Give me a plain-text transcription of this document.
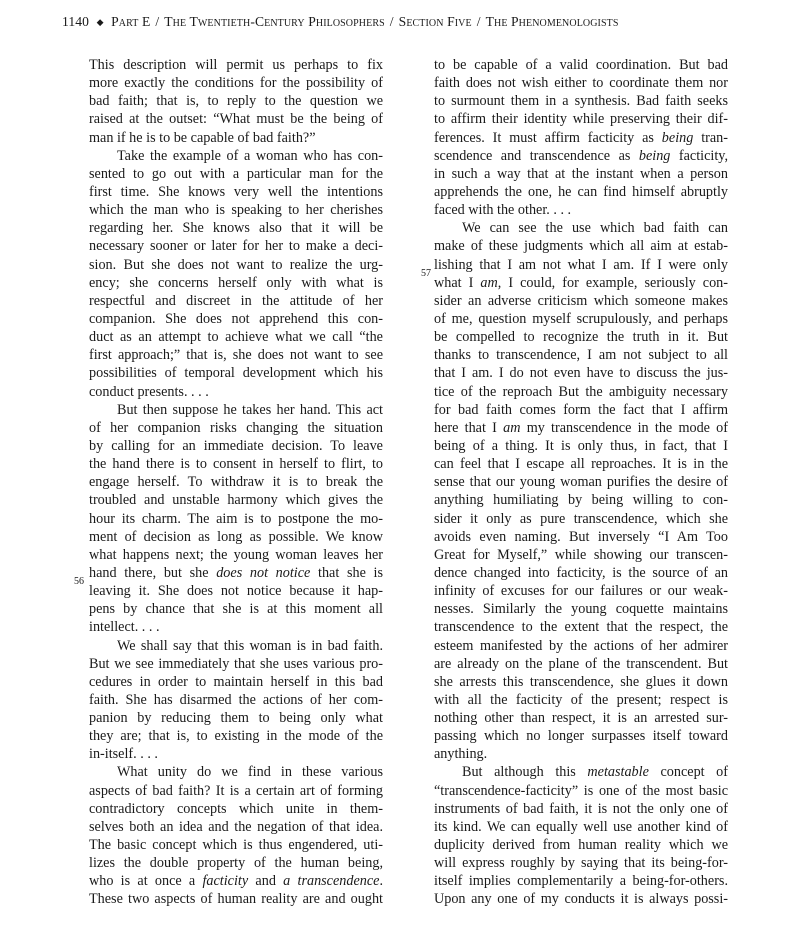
1140 ◆ Part E / The Twentieth-Century Philosophers / Section Five / The Phenomenologists
56
57
This description will permit us perhaps to fix
more exactly the conditions for the possibility of
bad faith; that is, to reply to the question we
raised at the outset: “What must be the being of
man if he is to be capable of bad faith?”
Take the example of a woman who has con-
sented to go out with a particular man for the
first time. She knows very well the intentions
which the man who is speaking to her cherishes
regarding her. She knows also that it will be
necessary sooner or later for her to make a deci-
sion. But she does not want to realize the urg-
ency; she concerns herself only with what is
respectful and discreet in the attitude of her
companion. She does not apprehend this con-
duct as an attempt to achieve what we call “the
first approach;” that is, she does not want to see
possibilities of temporal development which his
conduct presents. . . .
But then suppose he takes her hand. This act
of her companion risks changing the situation
by calling for an immediate decision. To leave
the hand there is to consent in herself to flirt, to
engage herself. To withdraw it is to break the
troubled and unstable harmony which gives the
hour its charm. The aim is to postpone the mo-
ment of decision as long as possible. We know
what happens next; the young woman leaves her
hand there, but she does not notice that she is
leaving it. She does not notice because it hap-
pens by chance that she is at this moment all
intellect. . . .
We shall say that this woman is in bad faith.
But we see immediately that she uses various pro-
cedures in order to maintain herself in this bad
faith. She has disarmed the actions of her com-
panion by reducing them to being only what
they are; that is, to existing in the mode of the
in-itself. . . .
What unity do we find in these various
aspects of bad faith? It is a certain art of forming
contradictory concepts which unite in them-
selves both an idea and the negation of that idea.
The basic concept which is thus engendered, uti-
lizes the double property of the human being,
who is at once a facticity and a transcendence.
These two aspects of human reality are and ought
to be capable of a valid coordination. But bad
faith does not wish either to coordinate them nor
to surmount them in a synthesis. Bad faith seeks
to affirm their identity while preserving their dif-
ferences. It must affirm facticity as being tran-
scendence and transcendence as being facticity,
in such a way that at the instant when a person
apprehends the one, he can find himself abruptly
faced with the other. . . .
We can see the use which bad faith can
make of these judgments which all aim at estab-
lishing that I am not what I am. If I were only
what I am, I could, for example, seriously con-
sider an adverse criticism which someone makes
of me, question myself scrupulously, and perhaps
be compelled to recognize the truth in it. But
thanks to transcendence, I am not subject to all
that I am. I do not even have to discuss the jus-
tice of the reproach But the ambiguity necessary
for bad faith comes form the fact that I affirm
here that I am my transcendence in the mode of
being of a thing. It is only thus, in fact, that I
can feel that I escape all reproaches. It is in the
sense that our young woman purifies the desire of
anything humiliating by being willing to con-
sider it only as pure transcendence, which she
avoids even naming. But inversely “I Am Too
Great for Myself,” while showing our transcen-
dence changed into facticity, is the source of an
infinity of excuses for our failures or our weak-
nesses. Similarly the young coquette maintains
transcendence to the extent that the respect, the
esteem manifested by the actions of her admirer
are already on the plane of the transcendent. But
she arrests this transcendence, she glues it down
with all the facticity of the present; respect is
nothing other than respect, it is an arrested sur-
passing which no longer surpasses itself toward
anything.
But although this metastable concept of
“transcendence-facticity” is one of the most basic
instruments of bad faith, it is not the only one of
its kind. We can equally well use another kind of
duplicity derived from human reality which we
will express roughly by saying that its being-for-
itself implies complementarily a being-for-others.
Upon any one of my conducts it is always possi-
